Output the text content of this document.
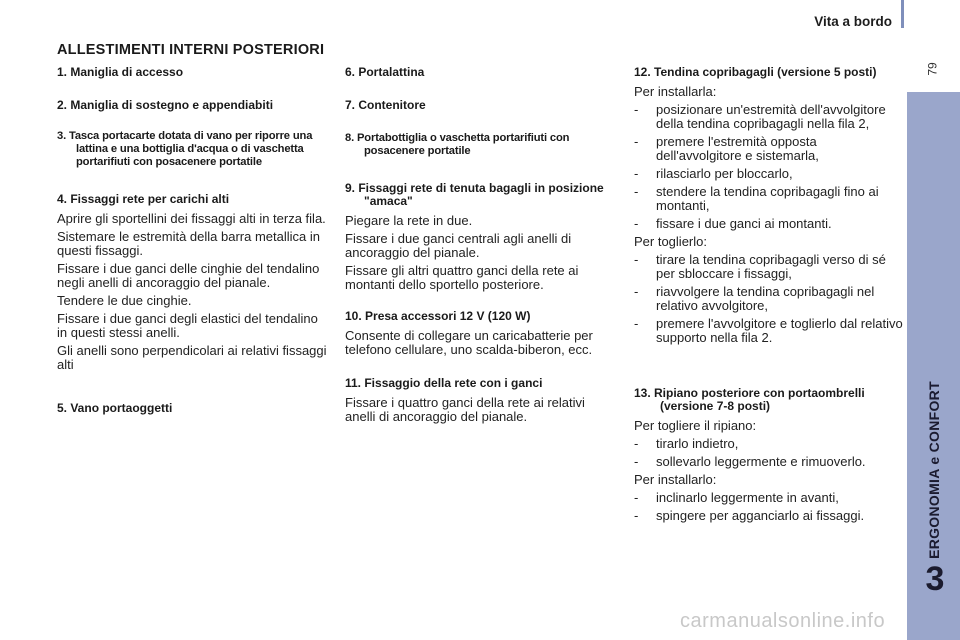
Vita a bordo
79
ERGONOMIA e CONFORT
3
carmanualsonline.info
ALLESTIMENTI INTERNI POSTERIORI
1. Maniglia di accesso
2. Maniglia di sostegno e appendiabiti
3. Tasca portacarte dotata di vano per riporre una lattina e una bottiglia d'acqua o di vaschetta portarifiuti con posacenere portatile
4. Fissaggi rete per carichi alti
Aprire gli sportellini dei fissaggi alti in terza fila.
Sistemare le estremità della barra metallica in questi fissaggi.
Fissare i due ganci delle cinghie del tendalino negli anelli di ancoraggio del pianale.
Tendere le due cinghie.
Fissare i due ganci degli elastici del tendalino in questi stessi anelli.
Gli anelli sono perpendicolari ai relativi fissaggi alti
5. Vano portaoggetti
6. Portalattina
7. Contenitore
8. Portabottiglia o vaschetta portarifiuti con posacenere portatile
9. Fissaggi rete di tenuta bagagli in posizione "amaca"
Piegare la rete in due.
Fissare i due ganci centrali agli anelli di ancoraggio del pianale.
Fissare gli altri quattro ganci della rete ai montanti dello sportello posteriore.
10. Presa accessori 12 V (120 W)
Consente di collegare un caricabatterie per telefono cellulare, uno scalda-biberon, ecc.
11. Fissaggio della rete con i ganci
Fissare i quattro ganci della rete ai relativi anelli di ancoraggio del pianale.
12. Tendina copribagagli (versione 5 posti)
Per installarla:
- posizionare un'estremità dell'avvolgitore della tendina copribagagli nella fila 2,
- premere l'estremità opposta dell'avvolgitore e sistemarla,
- rilasciarlo per bloccarlo,
- stendere la tendina copribagagli fino ai montanti,
- fissare i due ganci ai montanti.
Per toglierlo:
- tirare la tendina copribagagli verso di sé per sbloccare i fissaggi,
- riavvolgere la tendina copribagagli nel relativo avvolgitore,
- premere l'avvolgitore e toglierlo dal relativo supporto nella fila 2.
13. Ripiano posteriore con portaombrelli (versione 7-8 posti)
Per togliere il ripiano:
- tirarlo indietro,
- sollevarlo leggermente e rimuoverlo.
Per installarlo:
- inclinarlo leggermente in avanti,
- spingere per agganciarlo ai fissaggi.
